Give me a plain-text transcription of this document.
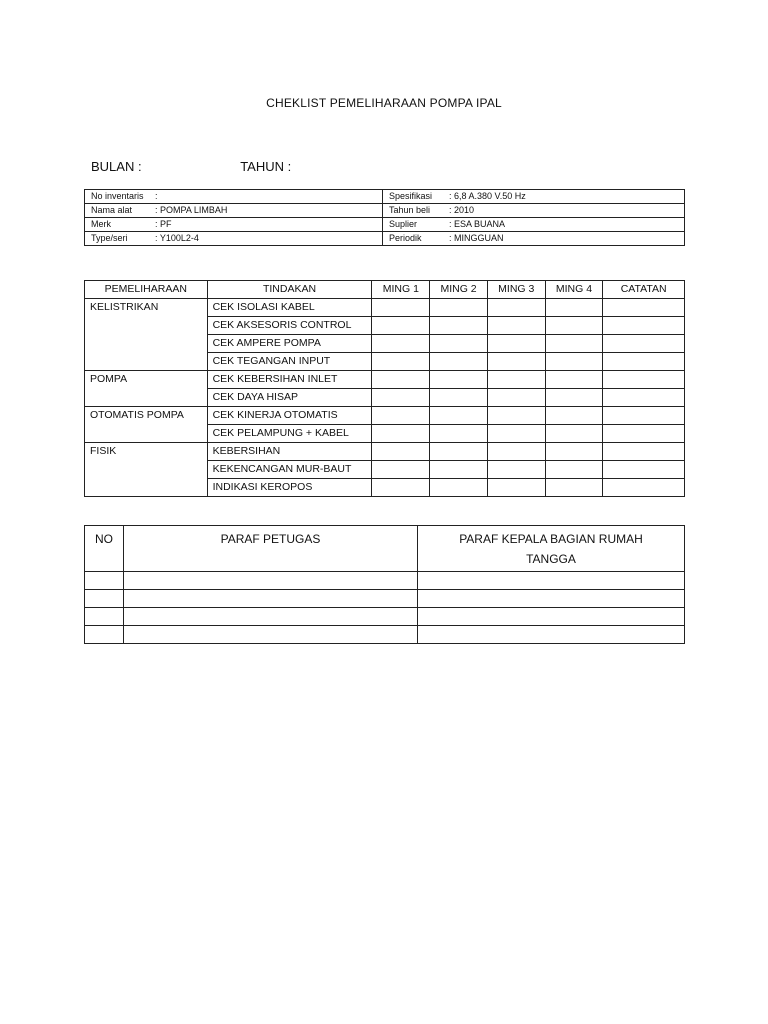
CHEKLIST PEMELIHARAAN POMPA IPAL
BULAN :	TAHUN :
No inventaris :	Spesifikasi : 6,8 A.380 V.50 Hz
Nama alat : POMPA LIMBAH	Tahun beli : 2010
Merk : PF	Suplier : ESA BUANA
Type/seri : Y100L2-4	Periodik : MINGGUAN
PEMELIHARAAN	TINDAKAN	MING 1	MING 2	MING 3	MING 4	CATATAN
KELISTRIKAN	CEK ISOLASI KABEL					
	CEK AKSESORIS CONTROL					
	CEK AMPERE POMPA					
	CEK TEGANGAN INPUT					
POMPA	CEK KEBERSIHAN INLET					
	CEK DAYA HISAP					
OTOMATIS POMPA	CEK KINERJA OTOMATIS					
	CEK PELAMPUNG + KABEL					
FISIK	KEBERSIHAN					
	KEKENCANGAN MUR-BAUT					
	INDIKASI KEROPOS					
NO	PARAF PETUGAS	PARAF KEPALA BAGIAN RUMAH TANGGA
